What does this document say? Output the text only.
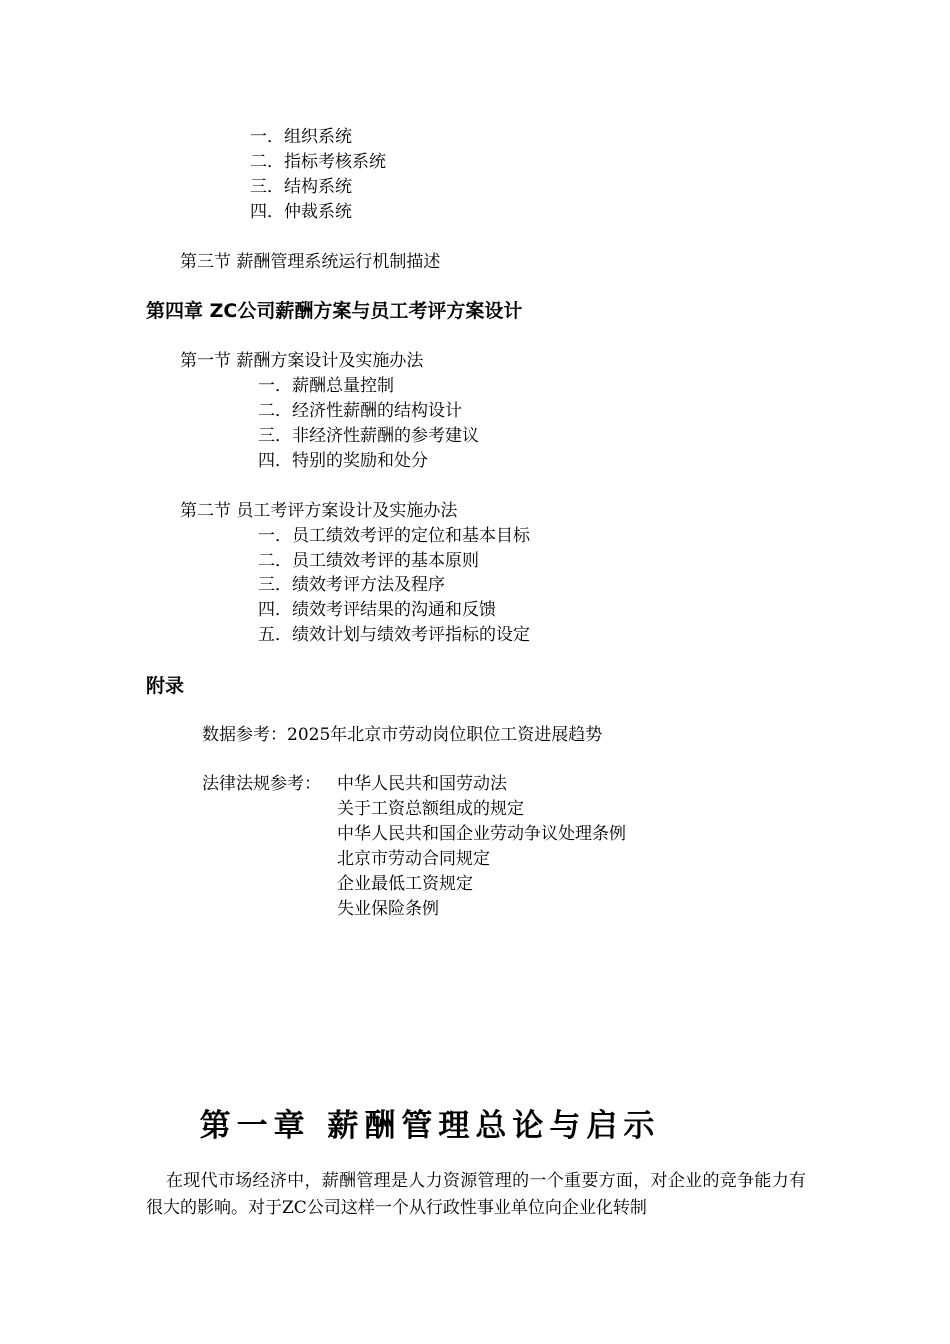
一．组织系统
二．指标考核系统
三．结构系统
四．仲裁系统
第三节 薪酬管理系统运行机制描述
第四章 ZC公司薪酬方案与员工考评方案设计
第一节 薪酬方案设计及实施办法
一．薪酬总量控制
二．经济性薪酬的结构设计
三．非经济性薪酬的参考建议
四．特别的奖励和处分
第二节 员工考评方案设计及实施办法
一．员工绩效考评的定位和基本目标
二．员工绩效考评的基本原则
三．绩效考评方法及程序
四．绩效考评结果的沟通和反馈
五．绩效计划与绩效考评指标的设定
附录
数据参考：2025年北京市劳动岗位职位工资进展趋势
法律法规参考： 中华人民共和国劳动法
关于工资总额组成的规定
中华人民共和国企业劳动争议处理条例
北京市劳动合同规定
企业最低工资规定
失业保险条例
第一章 薪酬管理总论与启示
在现代市场经济中，薪酬管理是人力资源管理的一个重要方面，对企业的竞争能力有很大的影响。对于ZC公司这样一个从行政性事业单位向企业化转制
